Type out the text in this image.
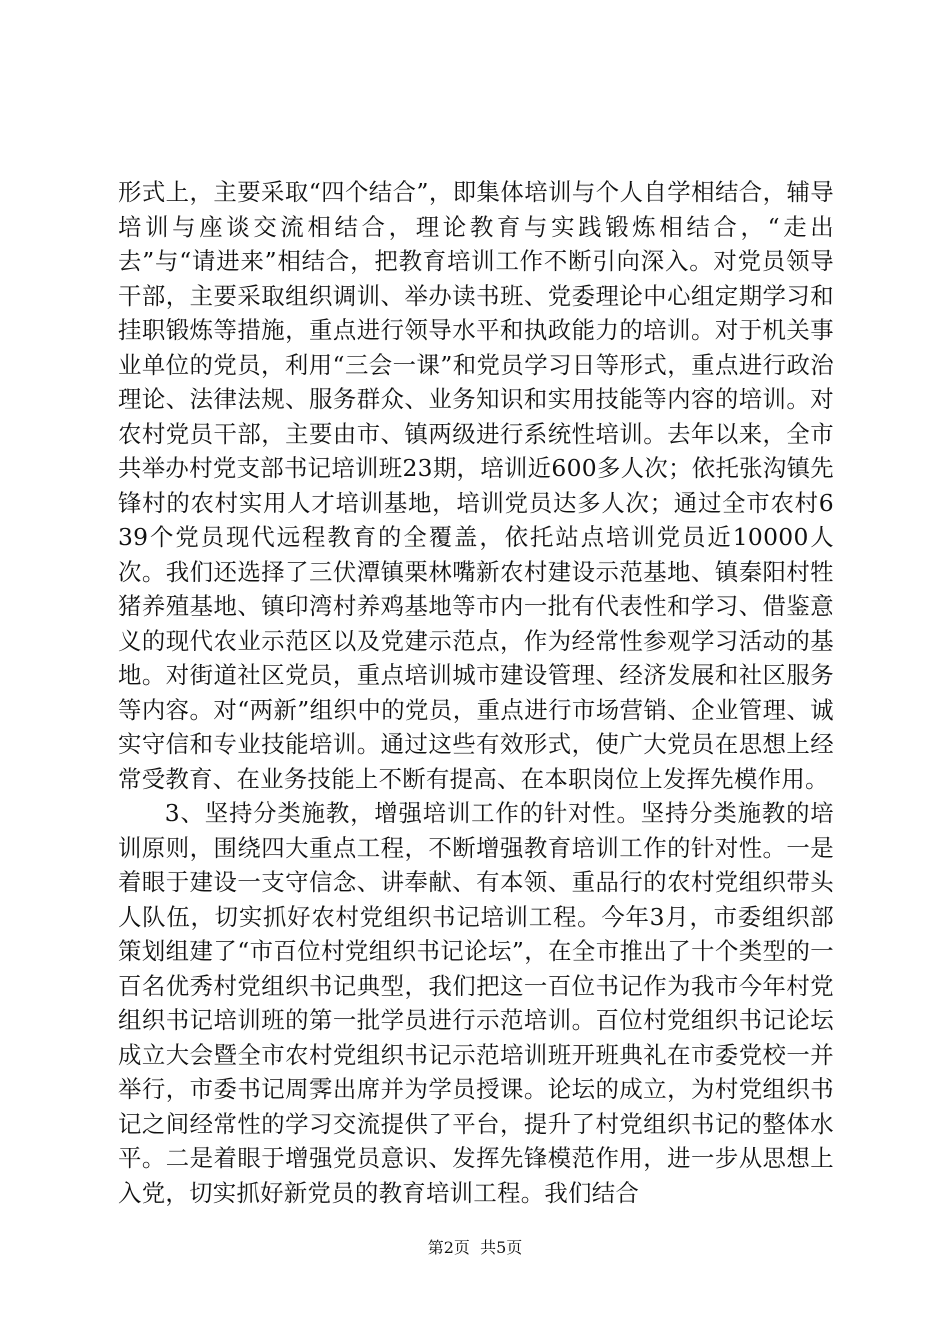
形式上，主要采取“四个结合”，即集体培训与个人自学相结合，辅导培训与座谈交流相结合，理论教育与实践锻炼相结合，“走出去”与“请进来”相结合，把教育培训工作不断引向深入。对党员领导干部，主要采取组织调训、举办读书班、党委理论中心组定期学习和挂职锻炼等措施，重点进行领导水平和执政能力的培训。对于机关事业单位的党员，利用“三会一课”和党员学习日等形式，重点进行政治理论、法律法规、服务群众、业务知识和实用技能等内容的培训。对农村党员干部，主要由市、镇两级进行系统性培训。去年以来，全市共举办村党支部书记培训班23期，培训近600多人次；依托张沟镇先锋村的农村实用人才培训基地，培训党员达多人次；通过全市农村639个党员现代远程教育的全覆盖，依托站点培训党员近10000人次。我们还选择了三伏潭镇栗林嘴新农村建设示范基地、镇秦阳村牲猪养殖基地、镇印湾村养鸡基地等市内一批有代表性和学习、借鉴意义的现代农业示范区以及党建示范点，作为经常性参观学习活动的基地。对街道社区党员，重点培训城市建设管理、经济发展和社区服务等内容。对“两新”组织中的党员，重点进行市场营销、企业管理、诚实守信和专业技能培训。通过这些有效形式，使广大党员在思想上经常受教育、在业务技能上不断有提高、在本职岗位上发挥先模作用。

3、坚持分类施教，增强培训工作的针对性。坚持分类施教的培训原则，围绕四大重点工程，不断增强教育培训工作的针对性。一是着眼于建设一支守信念、讲奉献、有本领、重品行的农村党组织带头人队伍，切实抓好农村党组织书记培训工程。今年3月，市委组织部策划组建了“市百位村党组织书记论坛”，在全市推出了十个类型的一百名优秀村党组织书记典型，我们把这一百位书记作为我市今年村党组织书记培训班的第一批学员进行示范培训。百位村党组织书记论坛成立大会暨全市农村党组织书记示范培训班开班典礼在市委党校一并举行，市委书记周霁出席并为学员授课。论坛的成立，为村党组织书记之间经常性的学习交流提供了平台，提升了村党组织书记的整体水平。二是着眼于增强党员意识、发挥先锋模范作用，进一步从思想上入党，切实抓好新党员的教育培训工程。我们结合

第2页  共5页
